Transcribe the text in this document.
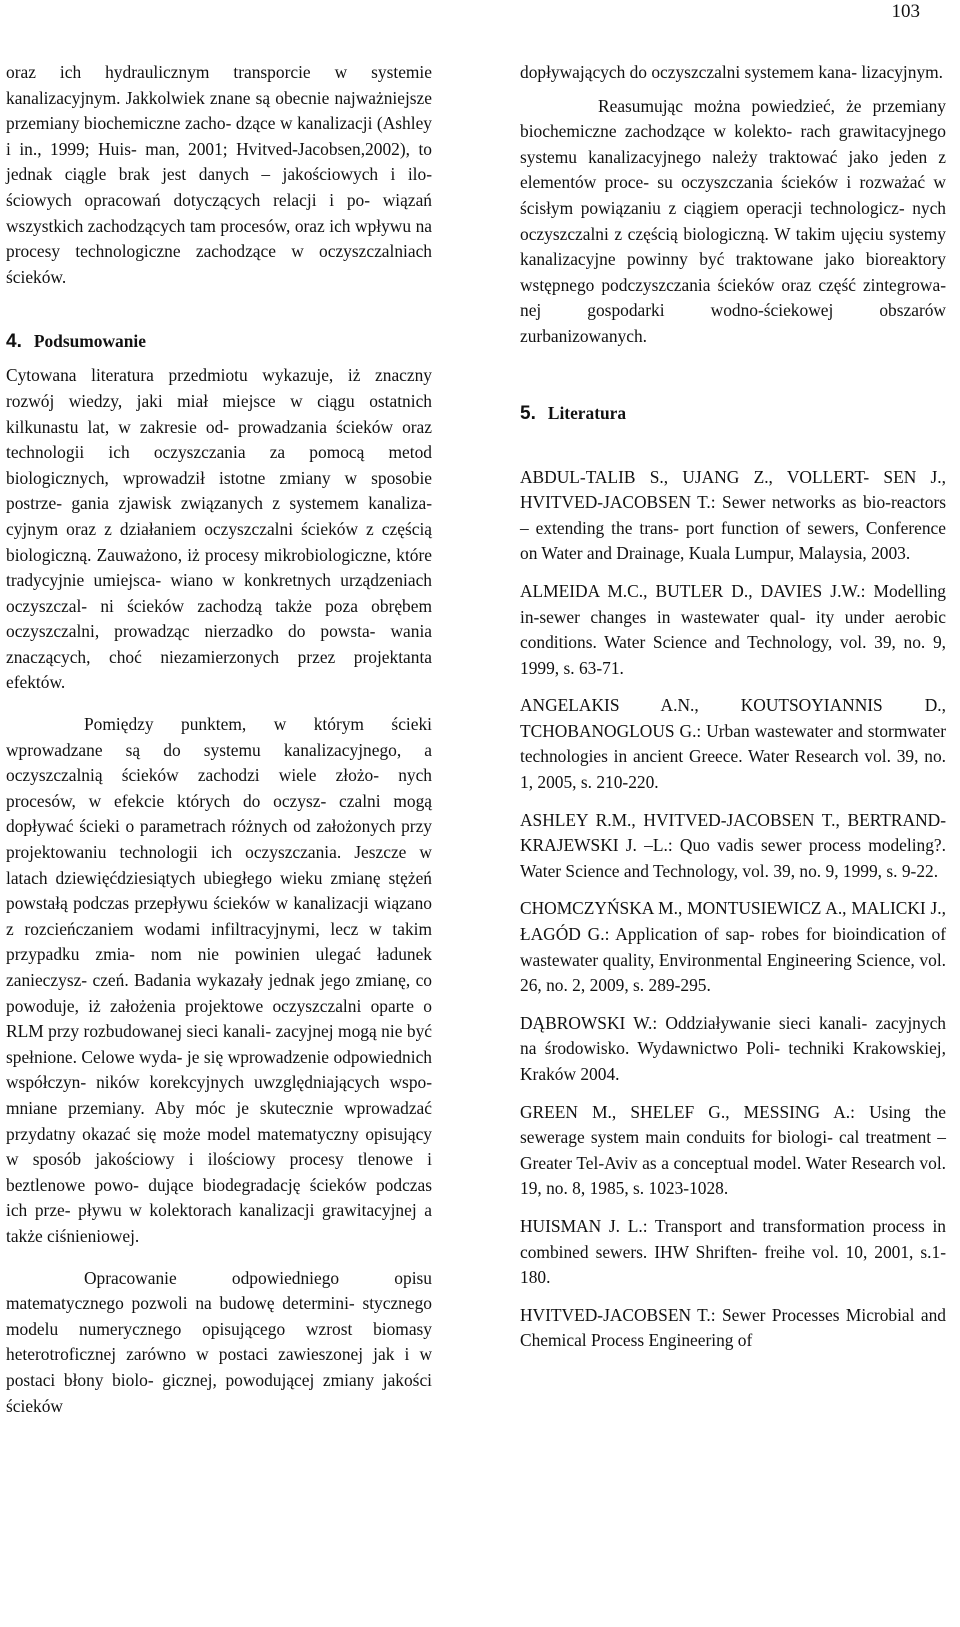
103

oraz ich hydraulicznym transporcie w systemie kanalizacyjnym. Jakkolwiek znane są obecnie najważniejsze przemiany biochemiczne zacho- dzące w kanalizacji (Ashley i in., 1999; Huis- man, 2001; Hvitved-Jacobsen,2002), to jednak ciągle brak jest danych – jakościowych i ilo- ściowych opracowań dotyczących relacji i po- wiązań wszystkich zachodzących tam procesów, oraz ich wpływu na procesy technologiczne zachodzące w oczyszczalniach ścieków.

4. Podsumowanie

Cytowana literatura przedmiotu wykazuje, iż znaczny rozwój wiedzy, jaki miał miejsce w ciągu ostatnich kilkunastu lat, w zakresie od- prowadzania ścieków oraz technologii ich oczyszczania za pomocą metod biologicznych, wprowadził istotne zmiany w sposobie postrze- gania zjawisk związanych z systemem kanaliza- cyjnym oraz z działaniem oczyszczalni ścieków z częścią biologiczną. Zauważono, iż procesy mikrobiologiczne, które tradycyjnie umiejsca- wiano w konkretnych urządzeniach oczyszczal- ni ścieków zachodzą także poza obrębem oczyszczalni, prowadząc nierzadko do powsta- wania znaczących, choć niezamierzonych przez projektanta efektów.

Pomiędzy punktem, w którym ścieki wprowadzane są do systemu kanalizacyjnego, a oczyszczalnią ścieków zachodzi wiele złożo- nych procesów, w efekcie których do oczysz- czalni mogą dopływać ścieki o parametrach różnych od założonych przy projektowaniu technologii ich oczyszczania. Jeszcze w latach dziewięćdziesiątych ubiegłego wieku zmianę stężeń powstałą podczas przepływu ścieków w kanalizacji wiązano z rozcieńczaniem wodami infiltracyjnymi, lecz w takim przypadku zmia- nom nie powinien ulegać ładunek zanieczysz- czeń. Badania wykazały jednak jego zmianę, co powoduje, iż założenia projektowe oczyszczalni oparte o RLM przy rozbudowanej sieci kanali- zacyjnej mogą nie być spełnione. Celowe wyda- je się wprowadzenie odpowiednich współczyn- ników korekcyjnych uwzględniających wspo- mniane przemiany. Aby móc je skutecznie wprowadzać przydatny okazać się może model matematyczny opisujący w sposób jakościowy i ilościowy procesy tlenowe i beztlenowe powo- dujące biodegradację ścieków podczas ich prze- pływu w kolektorach kanalizacji grawitacyjnej a także ciśnieniowej.

Opracowanie odpowiedniego opisu matematycznego pozwoli na budowę determini- stycznego modelu numerycznego opisującego wzrost biomasy heterotroficznej zarówno w postaci zawieszonej jak i w postaci błony biolo- gicznej, powodującej zmiany jakości ścieków

dopływających do oczyszczalni systemem kana- lizacyjnym.

Reasumując można powiedzieć, że przemiany biochemiczne zachodzące w kolekto- rach grawitacyjnego systemu kanalizacyjnego należy traktować jako jeden z elementów proce- su oczyszczania ścieków i rozważać w ścisłym powiązaniu z ciągiem operacji technologicz- nych oczyszczalni z częścią biologiczną. W takim ujęciu systemy kanalizacyjne powinny być traktowane jako bioreaktory wstępnego podczyszczania ścieków oraz część zintegrowa- nej gospodarki wodno-ściekowej obszarów zurbanizowanych.

5. Literatura

ABDUL-TALIB S., UJANG Z., VOLLERT- SEN J., HVITVED-JACOBSEN T.: Sewer networks as bio-reactors – extending the trans- port function of sewers, Conference on Water and Drainage, Kuala Lumpur, Malaysia, 2003.

ALMEIDA M.C., BUTLER D., DAVIES J.W.: Modelling in-sewer changes in wastewater qual- ity under aerobic conditions. Water Science and Technology, vol. 39, no. 9, 1999, s. 63-71.

ANGELAKIS A.N., KOUTSOYIANNIS D., TCHOBANOGLOUS G.: Urban wastewater and stormwater technologies in ancient Greece. Water Research vol. 39, no. 1, 2005, s. 210-220.

ASHLEY R.M., HVITVED-JACOBSEN T., BERTRAND-KRAJEWSKI J. –L.: Quo vadis sewer process modeling?. Water Science and Technology, vol. 39, no. 9, 1999, s. 9-22.

CHOMCZYŃSKA M., MONTUSIEWICZ A., MALICKI J., ŁAGÓD G.: Application of sap- robes for bioindication of wastewater quality, Environmental Engineering Science, vol. 26, no. 2, 2009, s. 289-295.

DĄBROWSKI W.: Oddziaływanie sieci kanali- zacyjnych na środowisko. Wydawnictwo Poli- techniki Krakowskiej, Kraków 2004.

GREEN M., SHELEF G., MESSING A.: Using the sewerage system main conduits for biologi- cal treatment – Greater Tel-Aviv as a conceptual model. Water Research vol. 19, no. 8, 1985, s. 1023-1028.

HUISMAN J. L.: Transport and transformation process in combined sewers. IHW Shriften- freihe vol. 10, 2001, s.1-180.

HVITVED-JACOBSEN T.: Sewer Processes Microbial and Chemical Process Engineering of
